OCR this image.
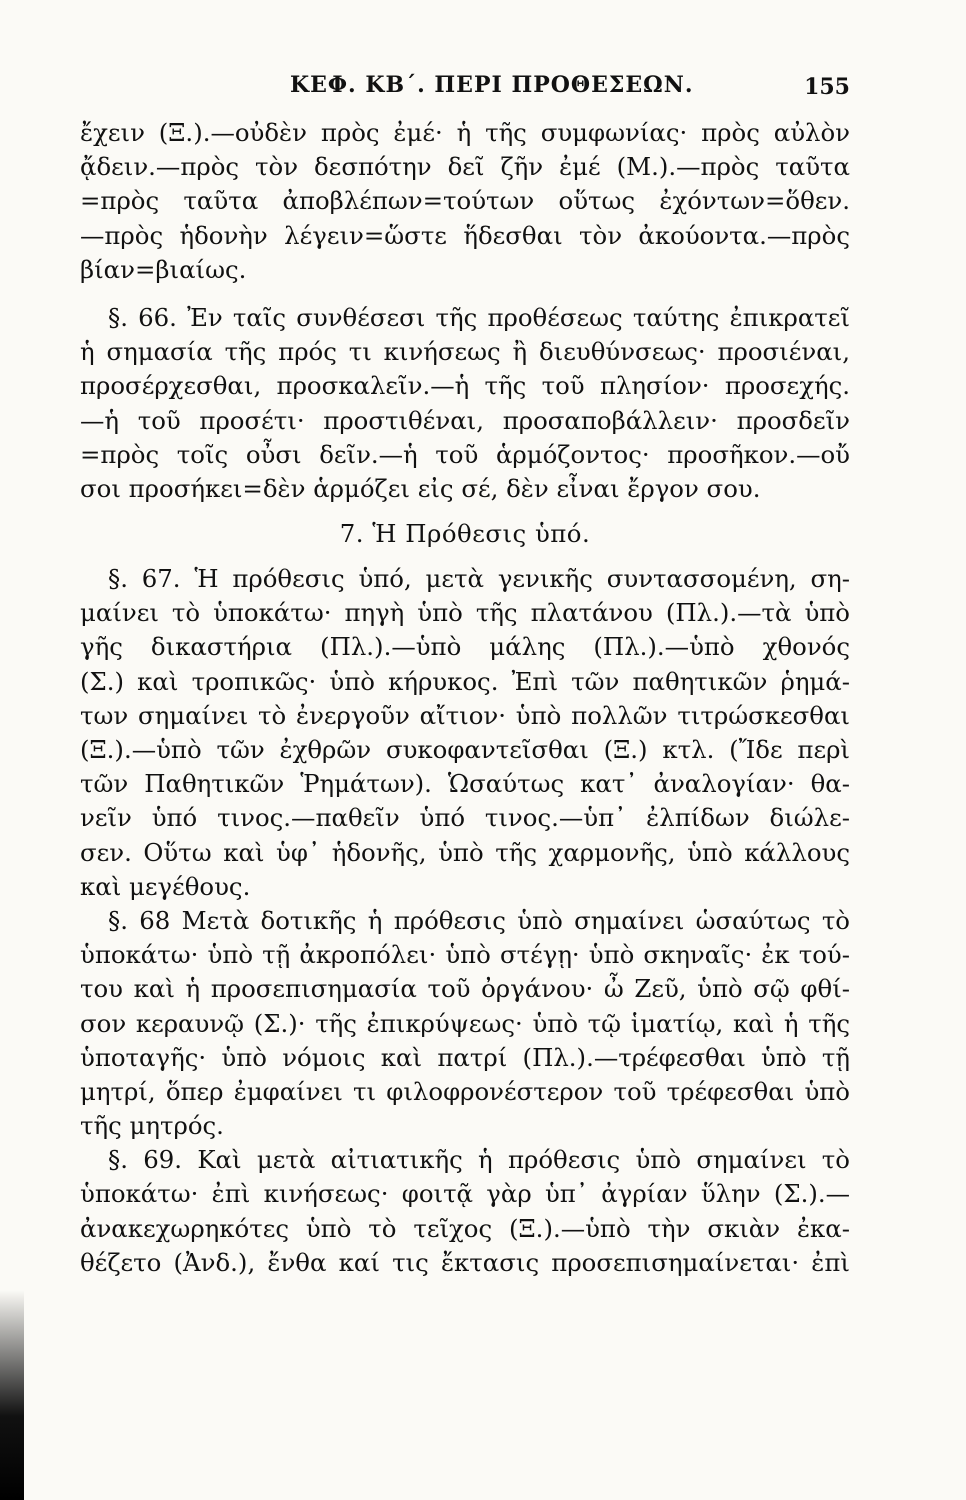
ΚΕΦ. ΚΒ΄. ΠΕΡΙ ΠΡΟΘΕΣΕΩΝ.	155
ἔχειν (Ξ.).—οὐδὲν πρὸς ἐμέ· ἡ τῆς συμφωνίας· πρὸς αὐλὸν
ᾄδειν.—πρὸς τὸν δεσπότην δεῖ ζῆν ἐμέ (Μ.).—πρὸς ταῦτα
=πρὸς ταῦτα ἀποβλέπων=τούτων οὕτως ἐχόντων=ὅθεν.
—πρὸς ἡδονὴν λέγειν=ὥστε ἥδεσθαι τὸν ἀκούοντα.—πρὸς
βίαν=βιαίως.
§. 66. Ἐν ταῖς συνθέσεσι τῆς προθέσεως ταύτης ἐπικρατεῖ
ἡ σημασία τῆς πρός τι κινήσεως ἢ διευθύνσεως· προσιέναι,
προσέρχεσθαι, προσκαλεῖν.—ἡ τῆς τοῦ πλησίον· προσεχής.
—ἡ τοῦ προσέτι· προστιθέναι, προσαποβάλλειν· προσδεῖν
=πρὸς τοῖς οὖσι δεῖν.—ἡ τοῦ ἁρμόζοντος· προσῆκον.—οὔ
σοι προσήκει=δὲν ἁρμόζει εἰς σέ, δὲν εἶναι ἔργον σου.
7. Ἡ Πρόθεσις ὑπό.
§. 67. Ἡ πρόθεσις ὑπό, μετὰ γενικῆς συντασσομένη, ση-
μαίνει τὸ ὑποκάτω· πηγὴ ὑπὸ τῆς πλατάνου (Πλ.).—τὰ ὑπὸ
γῆς δικαστήρια (Πλ.).—ὑπὸ μάλης (Πλ.).—ὑπὸ χθονός
(Σ.) καὶ τροπικῶς· ὑπὸ κήρυκος. Ἐπὶ τῶν παθητικῶν ῥημά-
των σημαίνει τὸ ἐνεργοῦν αἴτιον· ὑπὸ πολλῶν τιτρώσκεσθαι
(Ξ.).—ὑπὸ τῶν ἐχθρῶν συκοφαντεῖσθαι (Ξ.) κτλ. (Ἴδε περὶ
τῶν Παθητικῶν Ῥημάτων). Ὡσαύτως κατ᾽ ἀναλογίαν· θα-
νεῖν ὑπό τινος.—παθεῖν ὑπό τινος.—ὑπ᾽ ἐλπίδων διώλε-
σεν. Οὕτω καὶ ὑφ᾽ ἡδονῆς, ὑπὸ τῆς χαρμονῆς, ὑπὸ κάλλους
καὶ μεγέθους.
§. 68 Μετὰ δοτικῆς ἡ πρόθεσις ὑπὸ σημαίνει ὡσαύτως τὸ
ὑποκάτω· ὑπὸ τῇ ἀκροπόλει· ὑπὸ στέγῃ· ὑπὸ σκηναῖς· ἐκ τού-
του καὶ ἡ προσεπισημασία τοῦ ὀργάνου· ὦ Ζεῦ, ὑπὸ σῷ φθί-
σον κεραυνῷ (Σ.)· τῆς ἐπικρύψεως· ὑπὸ τῷ ἱματίῳ, καὶ ἡ τῆς
ὑποταγῆς· ὑπὸ νόμοις καὶ πατρί (Πλ.).—τρέφεσθαι ὑπὸ τῇ
μητρί, ὅπερ ἐμφαίνει τι φιλοφρονέστερον τοῦ τρέφεσθαι ὑπὸ
τῆς μητρός.
§. 69. Καὶ μετὰ αἰτιατικῆς ἡ πρόθεσις ὑπὸ σημαίνει τὸ
ὑποκάτω· ἐπὶ κινήσεως· φοιτᾷ γὰρ ὑπ᾽ ἀγρίαν ὕλην (Σ.).—
ἀνακεχωρηκότες ὑπὸ τὸ τεῖχος (Ξ.).—ὑπὸ τὴν σκιὰν ἐκα-
θέζετο (Ἀνδ.), ἔνθα καί τις ἔκτασις προσεπισημαίνεται· ἐπὶ
